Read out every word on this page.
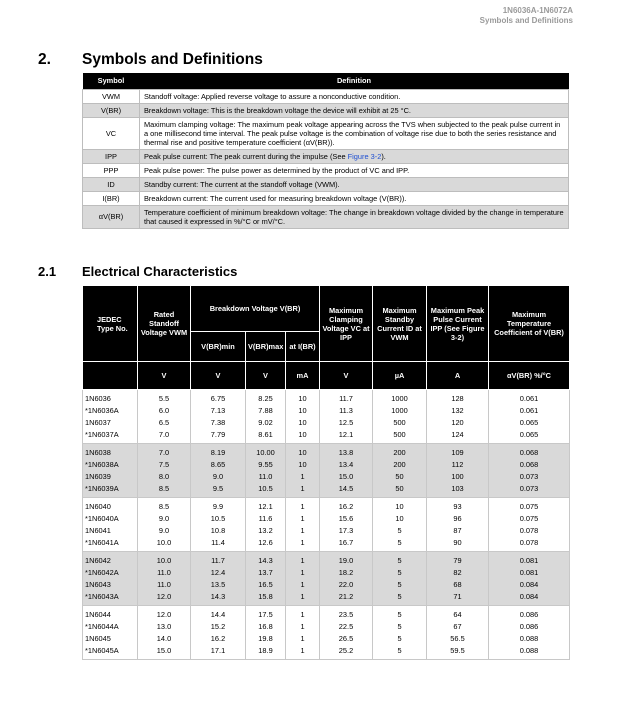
1N6036A-1N6072A
Symbols and Definitions
2. Symbols and Definitions
Symbol	Definition
VWM	Standoff voltage: Applied reverse voltage to assure a nonconductive condition.
V(BR)	Breakdown voltage: This is the breakdown voltage the device will exhibit at 25 °C.
VC	Maximum clamping voltage: The maximum peak voltage appearing across the TVS when subjected to the peak pulse current in a one millisecond time interval. The peak pulse voltage is the combination of voltage rise due to both the series resistance and thermal rise and positive temperature coefficient (αV(BR)).
IPP	Peak pulse current: The peak current during the impulse (See Figure 3-2).
PPP	Peak pulse power: The pulse power as determined by the product of VC and IPP.
ID	Standby current: The current at the standoff voltage (VWM).
I(BR)	Breakdown current: The current used for measuring breakdown voltage (V(BR)).
αV(BR)	Temperature coefficient of minimum breakdown voltage: The change in breakdown voltage divided by the change in temperature that caused it expressed in %/°C or mV/°C.
2.1 Electrical Characteristics
JEDEC Type No.	Rated Standoff Voltage VWM	Breakdown Voltage V(BR)			Maximum Clamping Voltage VC at IPP	Maximum Standby Current ID at VWM	Maximum Peak Pulse Current IPP (See Figure 3-2)	Maximum Temperature Coefficient of V(BR)
		V(BR)min	V(BR)max	at I(BR)				
	V	V	V	mA	V	µA	A	αV(BR) %/°C
1N6036	5.5	6.75	8.25	10	11.7	1000	128	0.061
*1N6036A	6.0	7.13	7.88	10	11.3	1000	132	0.061
1N6037	6.5	7.38	9.02	10	12.5	500	120	0.065
*1N6037A	7.0	7.79	8.61	10	12.1	500	124	0.065
1N6038	7.0	8.19	10.00	10	13.8	200	109	0.068
*1N6038A	7.5	8.65	9.55	10	13.4	200	112	0.068
1N6039	8.0	9.0	11.0	1	15.0	50	100	0.073
*1N6039A	8.5	9.5	10.5	1	14.5	50	103	0.073
1N6040	8.5	9.9	12.1	1	16.2	10	93	0.075
*1N6040A	9.0	10.5	11.6	1	15.6	10	96	0.075
1N6041	9.0	10.8	13.2	1	17.3	5	87	0.078
*1N6041A	10.0	11.4	12.6	1	16.7	5	90	0.078
1N6042	10.0	11.7	14.3	1	19.0	5	79	0.081
*1N6042A	11.0	12.4	13.7	1	18.2	5	82	0.081
1N6043	11.0	13.5	16.5	1	22.0	5	68	0.084
*1N6043A	12.0	14.3	15.8	1	21.2	5	71	0.084
1N6044	12.0	14.4	17.5	1	23.5	5	64	0.086
*1N6044A	13.0	15.2	16.8	1	22.5	5	67	0.086
1N6045	14.0	16.2	19.8	1	26.5	5	56.5	0.088
*1N6045A	15.0	17.1	18.9	1	25.2	5	59.5	0.088
